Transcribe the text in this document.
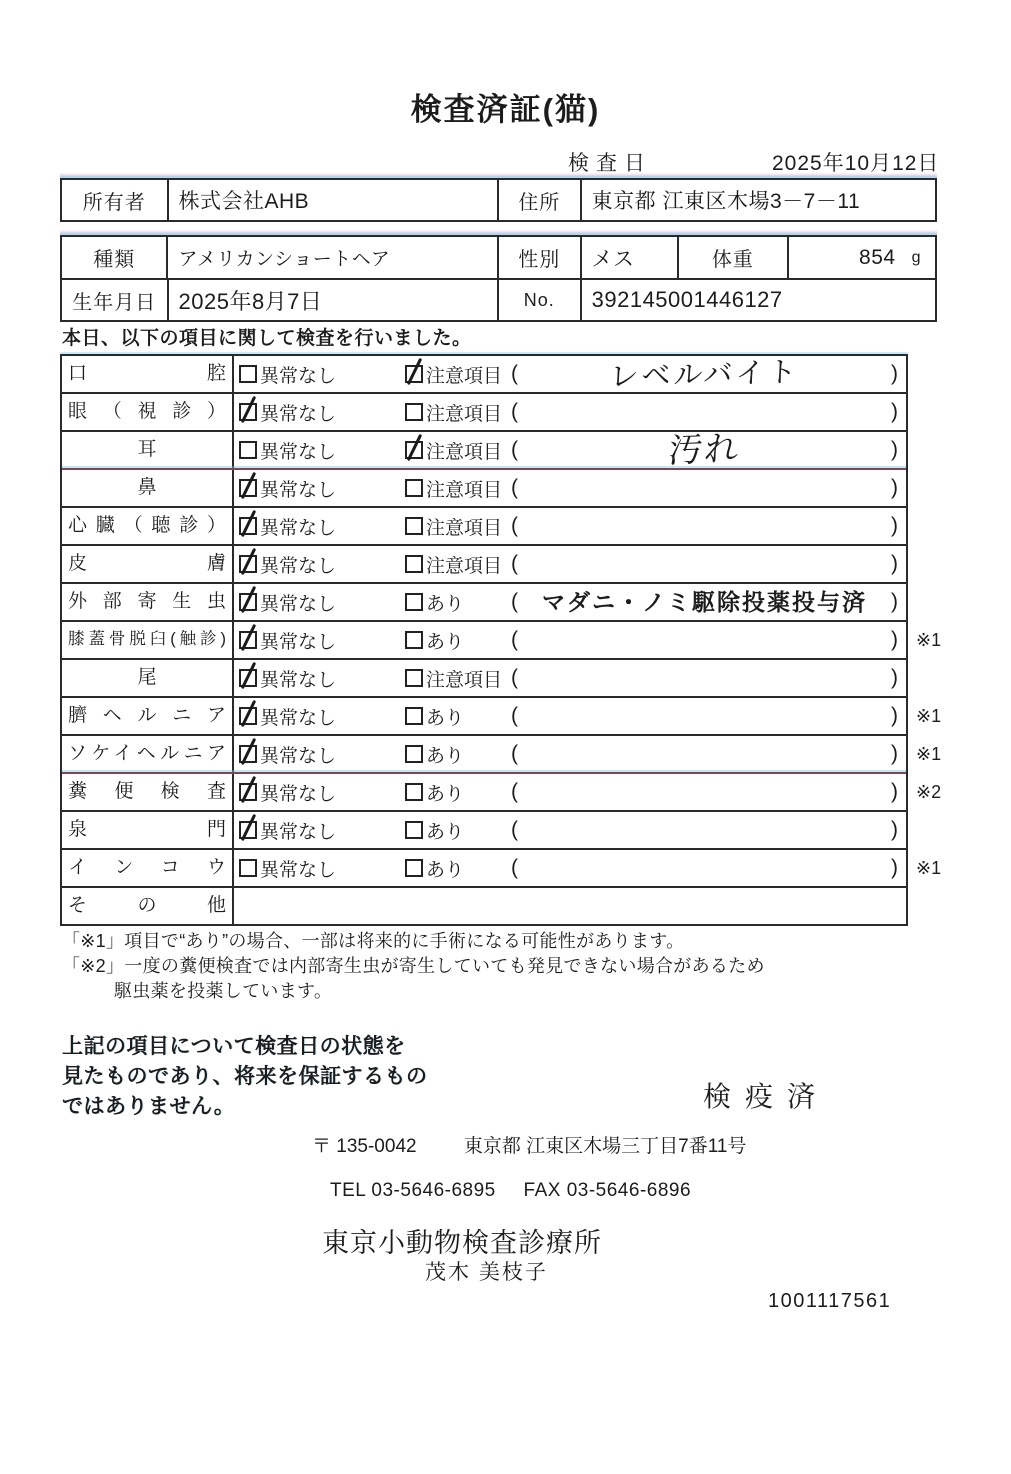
検査済証(猫)
検査日	2025年10月12日
所有者	株式会社AHB	住所	東京都 江東区木場3－7－11
種類	アメリカンショートヘア	性別	メス	体重	854 g
生年月日	2025年8月7日	No.	392145001446127
本日、以下の項目に関して検査を行いました。
口腔	異常なし	注意項目 (	レベルバイト	)
眼（視診）	異常なし	注意項目 (	)
耳	異常なし	注意項目 (	汚れ	)
鼻	異常なし	注意項目 (	)
心臓（聴診）	異常なし	注意項目 (	)
皮膚	異常なし	注意項目 (	)
外部寄生虫	異常なし	あり (	マダニ・ノミ駆除投薬投与済	)
膝蓋骨脱臼(触診)	異常なし	あり (	)	※1
尾	異常なし	注意項目 (	)
臍ヘルニア	異常なし	あり (	)	※1
ソケイヘルニア	異常なし	あり (	)	※1
糞便検査	異常なし	あり (	)	※2
泉門	異常なし	あり (	)
インコウ	異常なし	あり (	)	※1
その他
「※1」項目で“あり”の場合、一部は将来的に手術になる可能性があります。
「※2」一度の糞便検査では内部寄生虫が寄生していても発見できない場合があるため
駆虫薬を投薬しています。
上記の項目について検査日の状態を
見たものであり、将来を保証するもの
ではありません。	検疫済
〒 135-0042 東京都 江東区木場三丁目7番11号
TEL 03-5646-6895 FAX 03-5646-6896
東京小動物検査診療所
茂木 美枝子
1001117561
